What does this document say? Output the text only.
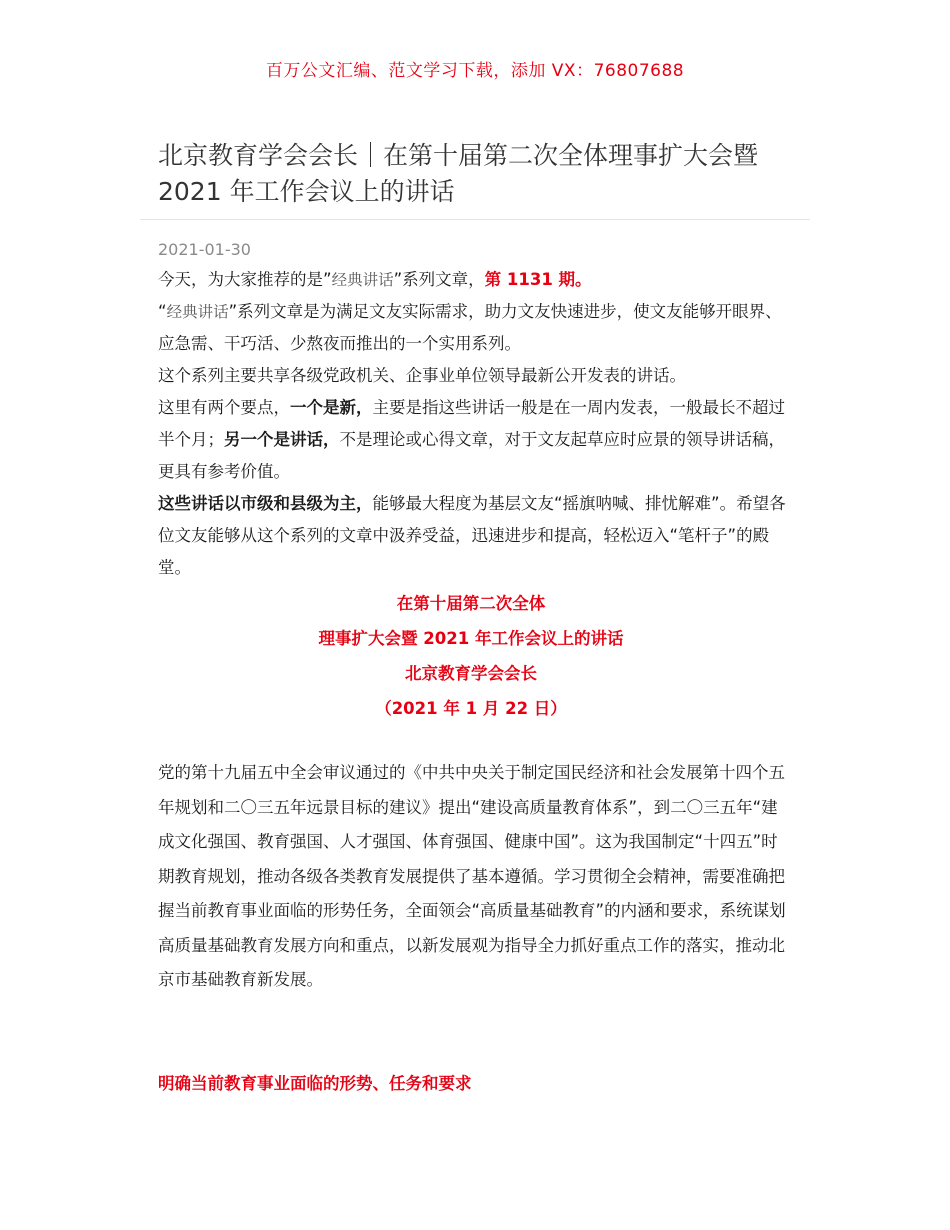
百万公文汇编、范文学习下载，添加 VX：76807688
北京教育学会会长｜在第十届第二次全体理事扩大会暨2021 年工作会议上的讲话
2021-01-30

今天，为大家推荐的是”经典讲话”系列文章，第 1131 期。

“经典讲话”系列文章是为满足文友实际需求，助力文友快速进步，使文友能够开眼界、应急需、干巧活、少熬夜而推出的一个实用系列。

这个系列主要共享各级党政机关、企事业单位领导最新公开发表的讲话。

这里有两个要点，一个是新，主要是指这些讲话一般是在一周内发表，一般最长不超过半个月；另一个是讲话，不是理论或心得文章，对于文友起草应时应景的领导讲话稿，更具有参考价值。

这些讲话以市级和县级为主，能够最大程度为基层文友“摇旗呐喊、排忧解难”。希望各位文友能够从这个系列的文章中汲养受益，迅速进步和提高，轻松迈入“笔杆子”的殿堂。

在第十届第二次全体
理事扩大会暨 2021 年工作会议上的讲话
北京教育学会会长
（2021 年 1 月 22 日）

党的第十九届五中全会审议通过的《中共中央关于制定国民经济和社会发展第十四个五年规划和二〇三五年远景目标的建议》提出“建设高质量教育体系”，到二〇三五年“建成文化强国、教育强国、人才强国、体育强国、健康中国”。这为我国制定“十四五”时期教育规划，推动各级各类教育发展提供了基本遵循。学习贯彻全会精神，需要准确把握当前教育事业面临的形势任务，全面领会“高质量基础教育”的内涵和要求，系统谋划高质量基础教育发展方向和重点，以新发展观为指导全力抓好重点工作的落实，推动北京市基础教育新发展。

明确当前教育事业面临的形势、任务和要求
